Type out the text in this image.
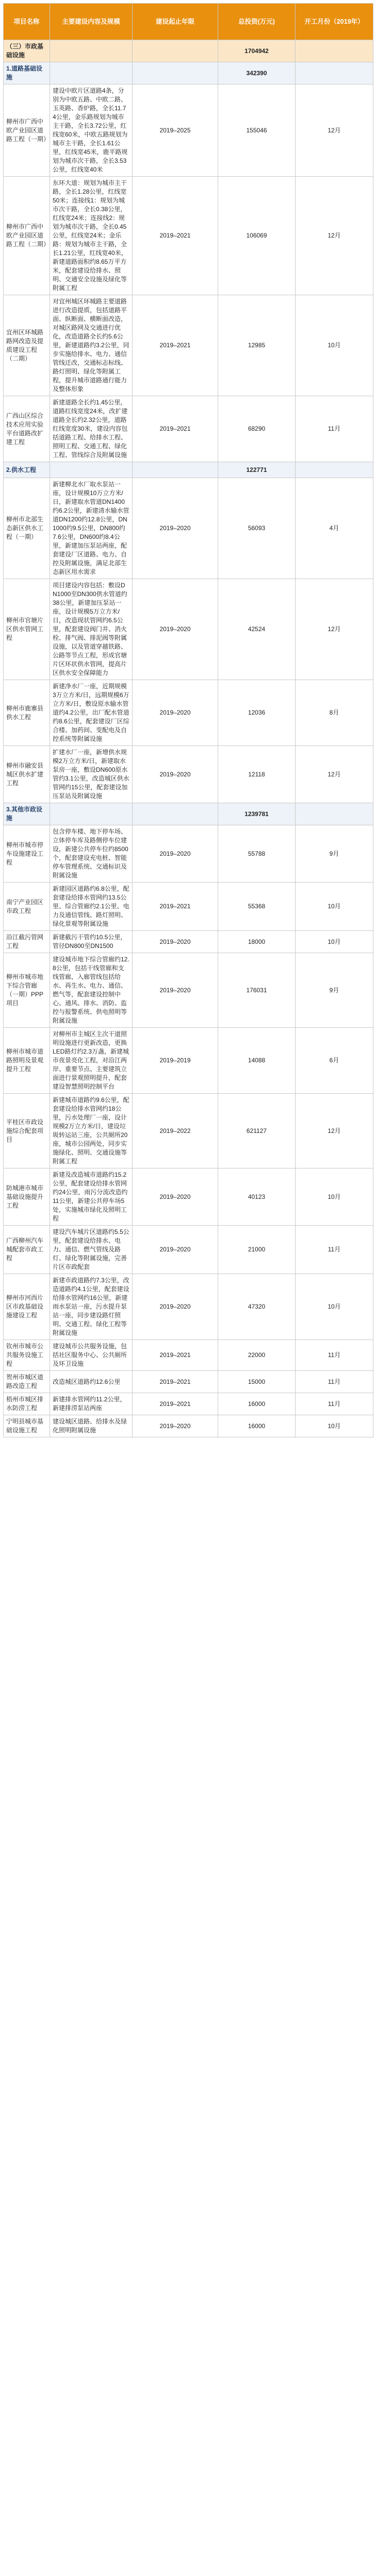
项目名称	主要建设内容及规模	建设起止年限	总投资(万元)	开工月份（2019年）
（三）市政基础设施			1704942	
1.道路基础设施			342390	
柳州市广西中欧产业园区道路工程（一期）	建设中欧片区道路4条，分别为中欧五路、中欧二路、玉英路、香炉路，全长11.74公里，金乐路规划为城市主干路，全长3.72公里，红线宽60米，中欧五路规划为城市主干路，全长1.61公里，红线宽45米，鹿平路规划为城市次干路，全长3.53公里，红线宽40米	2019–2025	155046	12月
柳州市广西中欧产业园区道路工程（二期）	东环大道：规划为城市主干路，全长1.28公里，红线宽50米；连接线1：规划为城市次干路，全长0.38公里，红线宽24米；连接线2：规划为城市次干路，全长0.45公里，红线宽24米；金乐路：规划为城市主干路，全长1.21公里，红线宽40米，新建道路面积约8.65万平方米，配套建设给排水、照明、交通安全设施及绿化等附属工程	2019–2021	106069	12月
宜州区环城路路网改造及提质建设工程（二期）	对宜州城区环城路主要道路进行改造提质，包括道路平面、纵断面、横断面改造，对城区路网及交通进行优化，改造道路全长约5.6公里，新建道路约3.2公里，同步实施给排水、电力、通信管线迁改，交通标志标线、路灯照明、绿化等附属工程，提升城市道路通行能力及整体形象	2019–2021	12985	10月
广西山区综合技术应用实验平台道路改扩建工程	新建道路全长约1.45公里，道路红线宽度24米，改扩建道路全长约2.32公里，道路红线宽度30米，建设内容包括道路工程、给排水工程、照明工程、交通工程、绿化工程、管线综合及附属设施	2019–2021	68290	11月
2.供水工程			122771	
柳州市北部生态新区供水工程（一期）	新建柳北水厂取水泵站一座，设计规模10万立方米/日，新建取水管道DN1400约6.2公里，新建清水输水管道DN1200约12.8公里，DN1000约9.5公里，DN800约7.6公里，DN600约8.4公里，新建加压泵站两座，配套建设厂区道路、电力、自控及附属设施，满足北部生态新区用水需求	2019–2020	56093	4月
柳州市官塘片区供水管网工程	项目建设内容包括：敷设DN1000至DN300供水管道约38公里，新建加压泵站一座，设计规模5万立方米/日，改造现状管网约6.5公里，配套建设阀门井、消火栓、排气阀、排泥阀等附属设施，以及管道穿越铁路、公路等节点工程，形成官塘片区环状供水管网，提高片区供水安全保障能力	2019–2020	42524	12月
柳州市鹿寨县供水工程	新建净水厂一座，近期规模3万立方米/日，远期规模6万立方米/日，敷设原水输水管道约4.2公里，出厂配水管道约8.6公里，配套建设厂区综合楼、加药间、变配电及自控系统等附属设施	2019–2020	12036	8月
柳州市融安县城区供水扩建工程	扩建水厂一座，新增供水规模2万立方米/日，新建取水泵房一座，敷设DN600原水管约3.1公里，改造城区供水管网约15公里，配套建设加压泵站及附属设施	2019–2020	12118	12月
3.其他市政设施			1239781	
柳州市城市停车设施建设工程	包含停车楼、地下停车场、立体停车库及路侧停车位建设，新建公共停车位约8500个，配套建设充电桩、智能停车管理系统、交通标识及附属设施	2019–2020	55788	9月
南宁产业园区市政工程	新建园区道路约6.8公里，配套建设给排水管网约13.5公里、综合管廊约2.1公里、电力及通信管线、路灯照明、绿化景观等附属设施	2019–2021	55368	10月
沿江截污管网工程	新建截污干管约10.5公里，管径DN800至DN1500	2019–2020	18000	10月
柳州市城市地下综合管廊（一期）PPP项目	建设城市地下综合管廊约12.8公里，包括干线管廊和支线管廊，入廊管线包括给水、再生水、电力、通信、燃气等，配套建设控制中心、通风、排水、消防、监控与报警系统、供电照明等附属设施	2019–2020	176031	9月
柳州市城市道路照明及景观提升工程	对柳州市主城区主次干道照明设施进行更新改造，更换LED路灯约2.3万盏，新建城市夜景亮化工程，对沿江两岸、重要节点、主要建筑立面进行景观照明提升，配套建设智慧照明控制平台	2019–2019	14088	6月
平桂区市政设施综合配套项目	新建城市道路约9.6公里，配套建设给排水管网约18公里，污水处理厂一座，设计规模2万立方米/日，建设垃圾转运站三座，公共厕所20座，城市公园两处，同步实施绿化、照明、交通设施等附属工程	2019–2022	621127	12月
防城港市城市基础设施提升工程	新建及改造城市道路约15.2公里，配套建设给排水管网约24公里，雨污分流改造约11公里，新建公共停车场5处，实施城市绿化及照明工程	2019–2020	40123	10月
广西柳州汽车城配套市政工程	建设汽车城片区道路约5.5公里，配套建设给排水、电力、通信、燃气管线及路灯、绿化等附属设施，完善片区市政配套	2019–2020	21000	11月
柳州市河西片区市政基础设施建设工程	新建市政道路约7.3公里，改造道路约4.1公里，配套建设给排水管网约16公里，新建雨水泵站一座，污水提升泵站一座，同步建设路灯照明、交通工程、绿化工程等附属设施	2019–2020	47320	10月
钦州市城市公共服务设施工程	建设城市公共服务设施，包括社区服务中心、公共厕所及环卫设施	2019–2021	22000	11月
贺州市城区道路改造工程	改造城区道路约12.6公里	2019–2021	15000	11月
梧州市城区排水防涝工程	新建排水管网约11.2公里，新建排涝泵站两座	2019–2021	16000	11月
宁明县城市基础设施工程	建设城区道路、给排水及绿化照明附属设施	2019–2020	16000	10月
